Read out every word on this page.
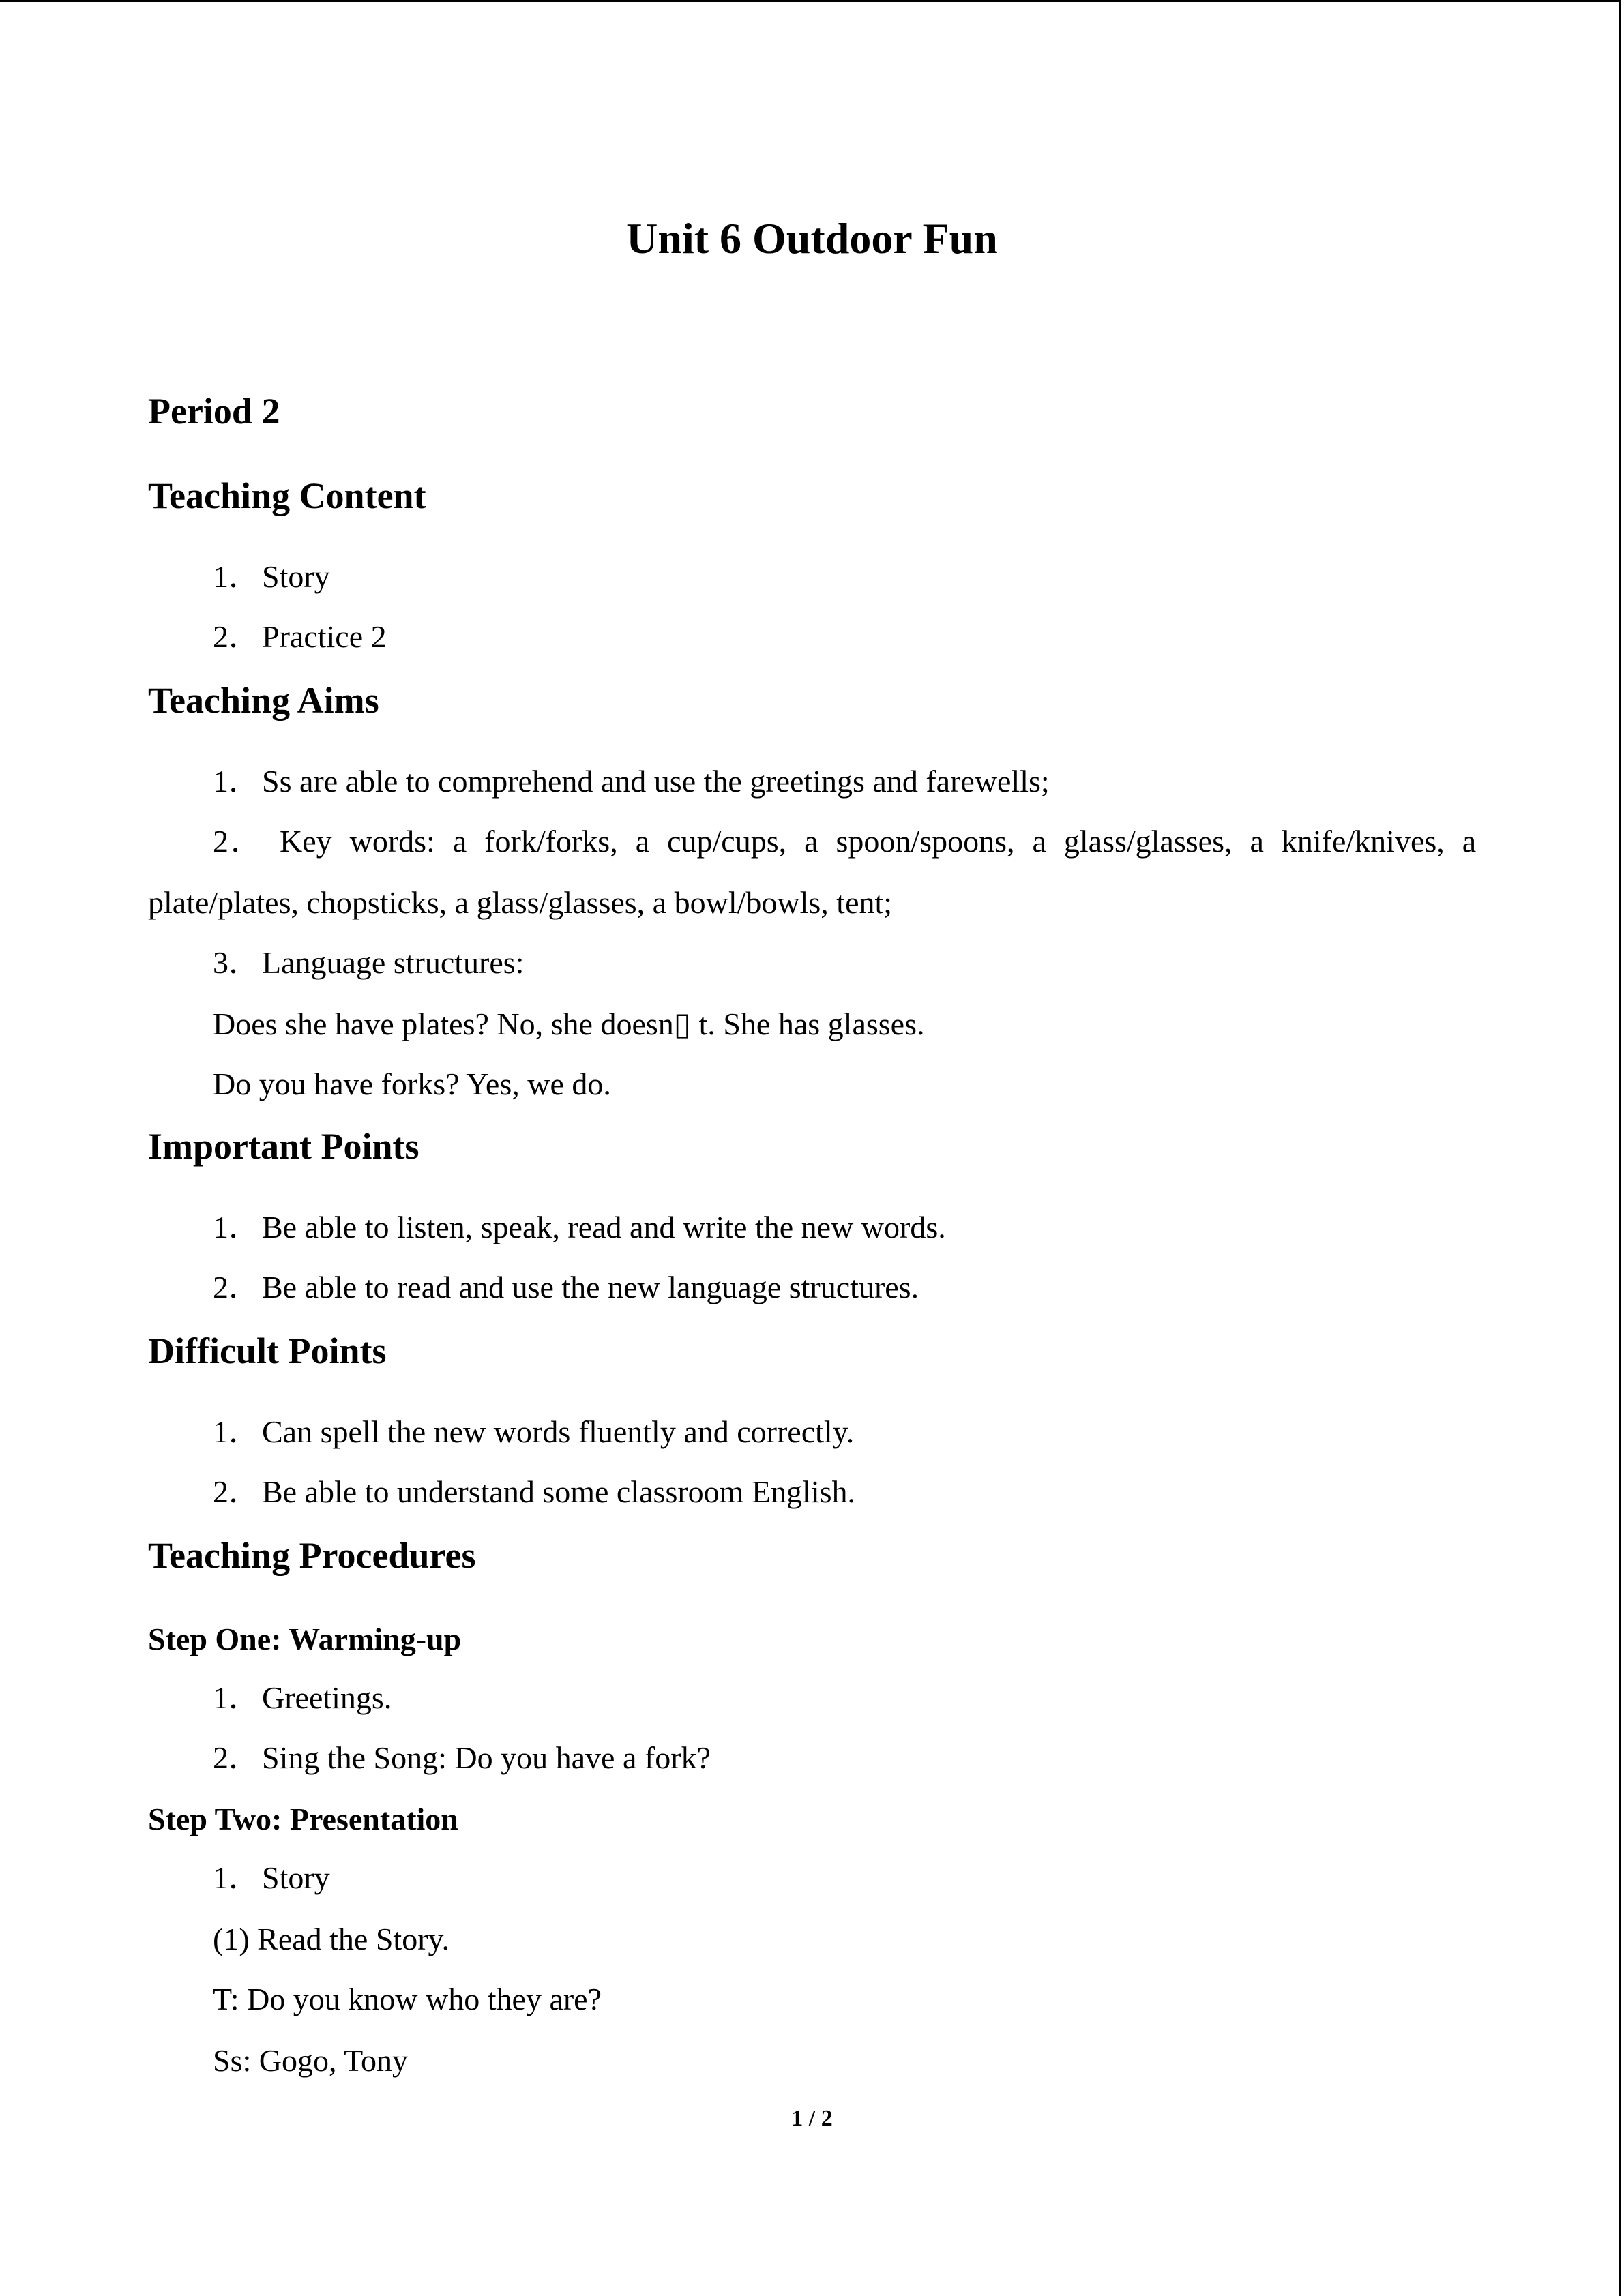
Unit 6 Outdoor Fun
Period 2
Teaching Content
1．Story
2．Practice 2
Teaching Aims
1．Ss are able to comprehend and use the greetings and farewells;
2． Key words: a fork/forks, a cup/cups, a spoon/spoons, a glass/glasses, a knife/knives, a
plate/plates, chopsticks, a glass/glasses, a bowl/bowls, tent;
3．Language structures:
Does she have plates? No, she doesn▯ t. She has glasses.
Do you have forks? Yes, we do.
Important Points
1．Be able to listen, speak, read and write the new words.
2．Be able to read and use the new language structures.
Difficult Points
1．Can spell the new words fluently and correctly.
2．Be able to understand some classroom English.
Teaching Procedures
Step One: Warming-up
1．Greetings.
2．Sing the Song: Do you have a fork?
Step Two: Presentation
1．Story
(1) Read the Story.
T: Do you know who they are?
Ss: Gogo, Tony
1 / 2
